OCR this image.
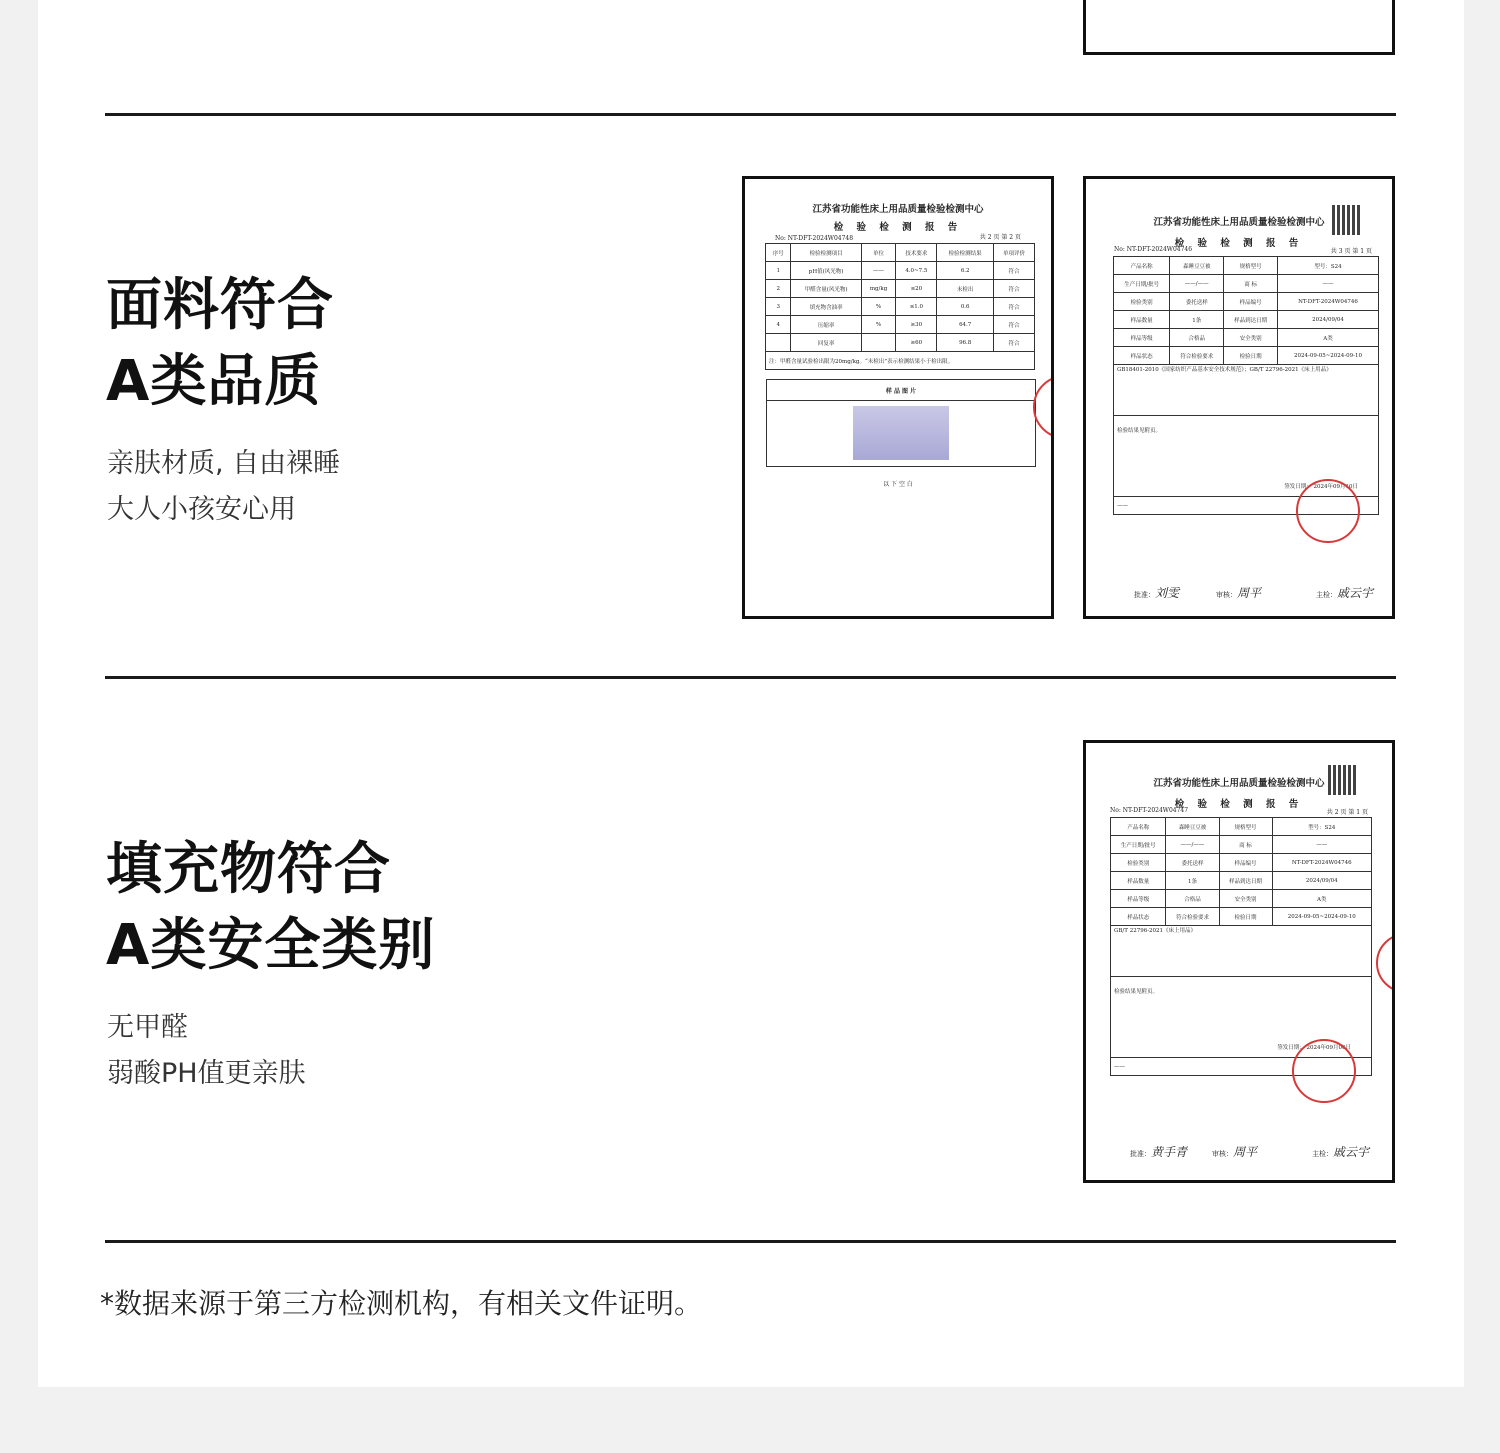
面料符合
A类品质
亲肤材质, 自由裸睡
大人小孩安心用
江苏省功能性床上用品质量检验检测中心
检 验 检 测 报 告
No: NT-DFT-2024W04748	共 2 页 第 2 页
序号	检验检测项目	单位	技术要求	检验检测结果	单项评价
1	pH值(风光物)	——	4.0~7.5	6.2	符合
2	甲醛含量(风光物)	mg/kg	≤20	未检出	符合
3	填充物含油率	%	≤1.0	0.6	符合
4	压缩率	%	≥30	64.7	符合
	回复率		≥60	96.8	符合
注：甲醛含量试验检出限为20mg/kg。“未检出”表示检测结果小于检出限。					
样 品 图 片
以 下 空 白
江苏省功能性床上用品质量检验检测中心
检 验 检 测 报 告
No: NT-DFT-2024W04746	共 3 页 第 1 页
产品名称	森睡豆豆被	规格型号	型号：S24
生产日期/批号	——/——	商 标	——
检验类别	委托送样	样品编号	NT-DFT-2024W04746
样品数量	1条	样品到达日期	2024/09/04
样品等级	合格品	安全类别	A类
样品状态	符合检验要求	检验日期	2024-09-05~2024-09-10
GB18401-2010《国家纺织产品基本安全技术规范》；GB/T 22796-2021《床上用品》			

检验结果见附页。
签发日期： 2024年09月10日			

——			
批准：刘雯	审核：周平	主检：戚云宇
填充物符合
A类安全类别
无甲醛
弱酸PH值更亲肤
江苏省功能性床上用品质量检验检测中心
检 验 检 测 报 告
No: NT-DFT-2024W04747	共 2 页 第 1 页
产品名称	森睡豆豆被	规格型号	型号：S24
生产日期/批号	——/——	商 标	——
检验类别	委托送样	样品编号	NT-DFT-2024W04746
样品数量	1条	样品到达日期	2024/09/04
样品等级	合格品	安全类别	A类
样品状态	符合检验要求	检验日期	2024-09-05~2024-09-10
GB/T 22796-2021《床上用品》			

检验结果见附页。
签发日期： 2024年09月06日			

——			
批准：黄手青	审核：周平	主检：戚云宇
*数据来源于第三方检测机构，有相关文件证明。
